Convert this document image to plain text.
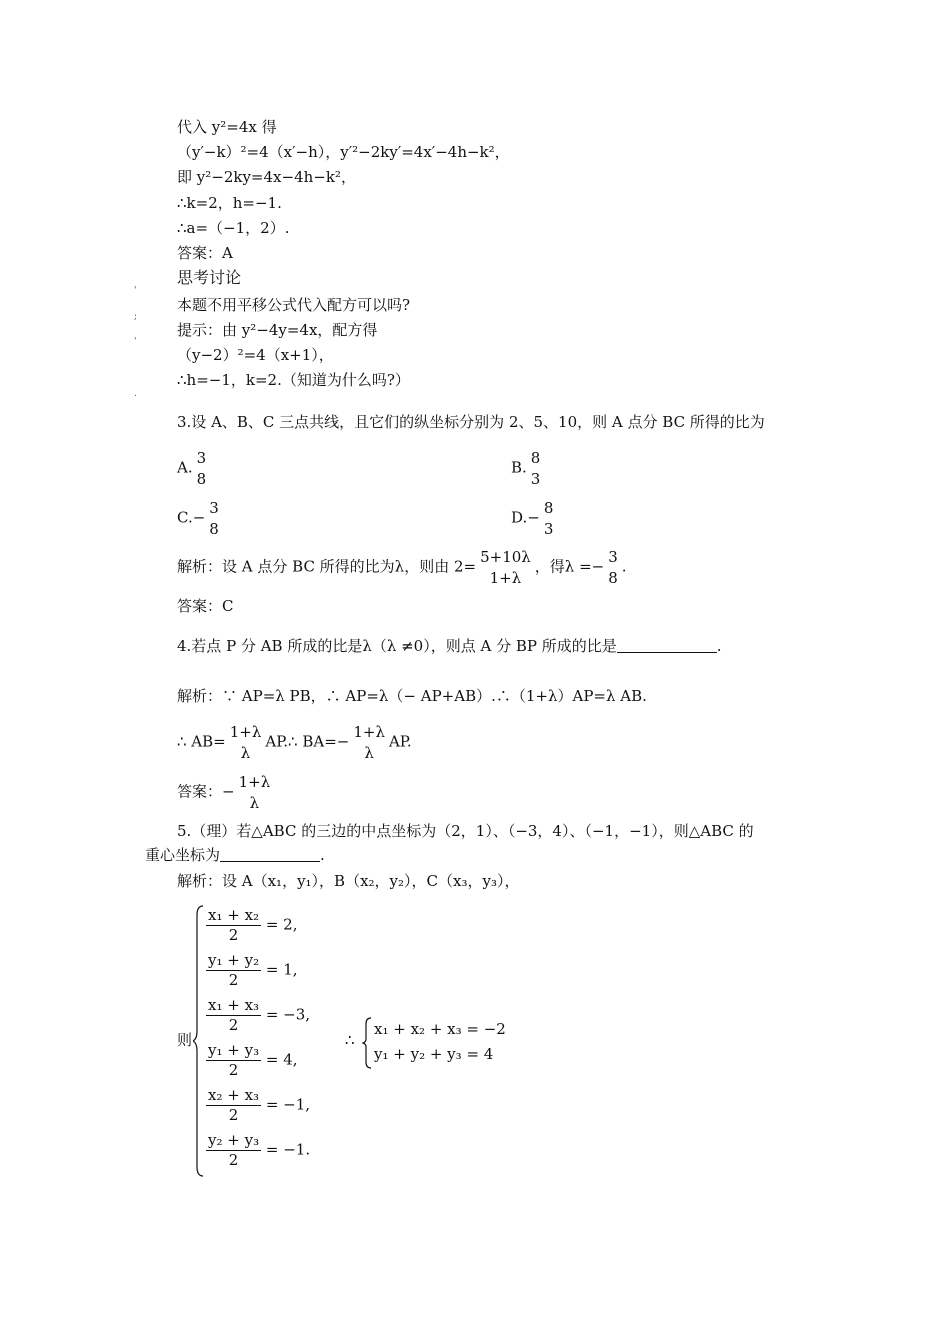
代入 y²=4x 得
（y′−k）²=4（x′−h），y′²−2ky′=4x′−4h−k²，
即 y²−2ky=4x−4h−k²，
∴k=2，h=−1.
∴a=（−1，2）.
答案：A
思考讨论
本题不用平移公式代入配方可以吗?
提示：由 y²−4y=4x，配方得
（y−2）²=4（x+1），
∴h=−1，k=2.（知道为什么吗?）
'
;
'
.
3.设 A、B、C 三点共线，且它们的纵坐标分别为 2、5、10，则 A 点分 BC 所得的比为
A. $\frac{3}{8}$	B. $\frac{8}{3}$
$C.- \frac{3}{8}$	$D.- \frac{8}{3}$
解析：设 A 点分 BC 所得的比为λ，则由 $2= \frac{5+10\lambda}{1+\lambda}$ ，得$\lambda =- \frac{3}{8}$ .
答案：C
4.若点 P 分 AB 所成的比是λ（λ ≠0），则点 A 分 BP 所成的比是	.
解析：∵ AP=λ PB，∴ AP=λ（− AP+AB）.∴（1+λ）AP=λ AB.
∴ $AB= \frac{1+\lambda}{\lambda}$ AP.∴ $BA=- \frac{1+\lambda}{\lambda}$ AP.
答案：− $\frac{1+\lambda}{\lambda}$
5.（理）若△ABC 的三边的中点坐标为（2，1）、（−3，4）、（−1，−1），则△ABC 的
重心坐标为	.
解析：设 A（x₁，y₁），B（x₂，y₂），C（x₃，y₃），
则
$\frac{\text{x₁ + x₂}}{2} = 2$,
$\frac{\text{y₁ + y₂}}{2} = 1$,
$\frac{\text{x₁ + x₃}}{2} = -3$,
$\frac{\text{y₁ + y₃}}{2} = 4$,
$\frac{\text{x₂ + x₃}}{2} = -1$,
$\frac{\text{y₂ + y₃}}{2} = -1$.
∴
x₁ + x₂ + x₃ = −2
y₁ + y₂ + y₃ = 4
